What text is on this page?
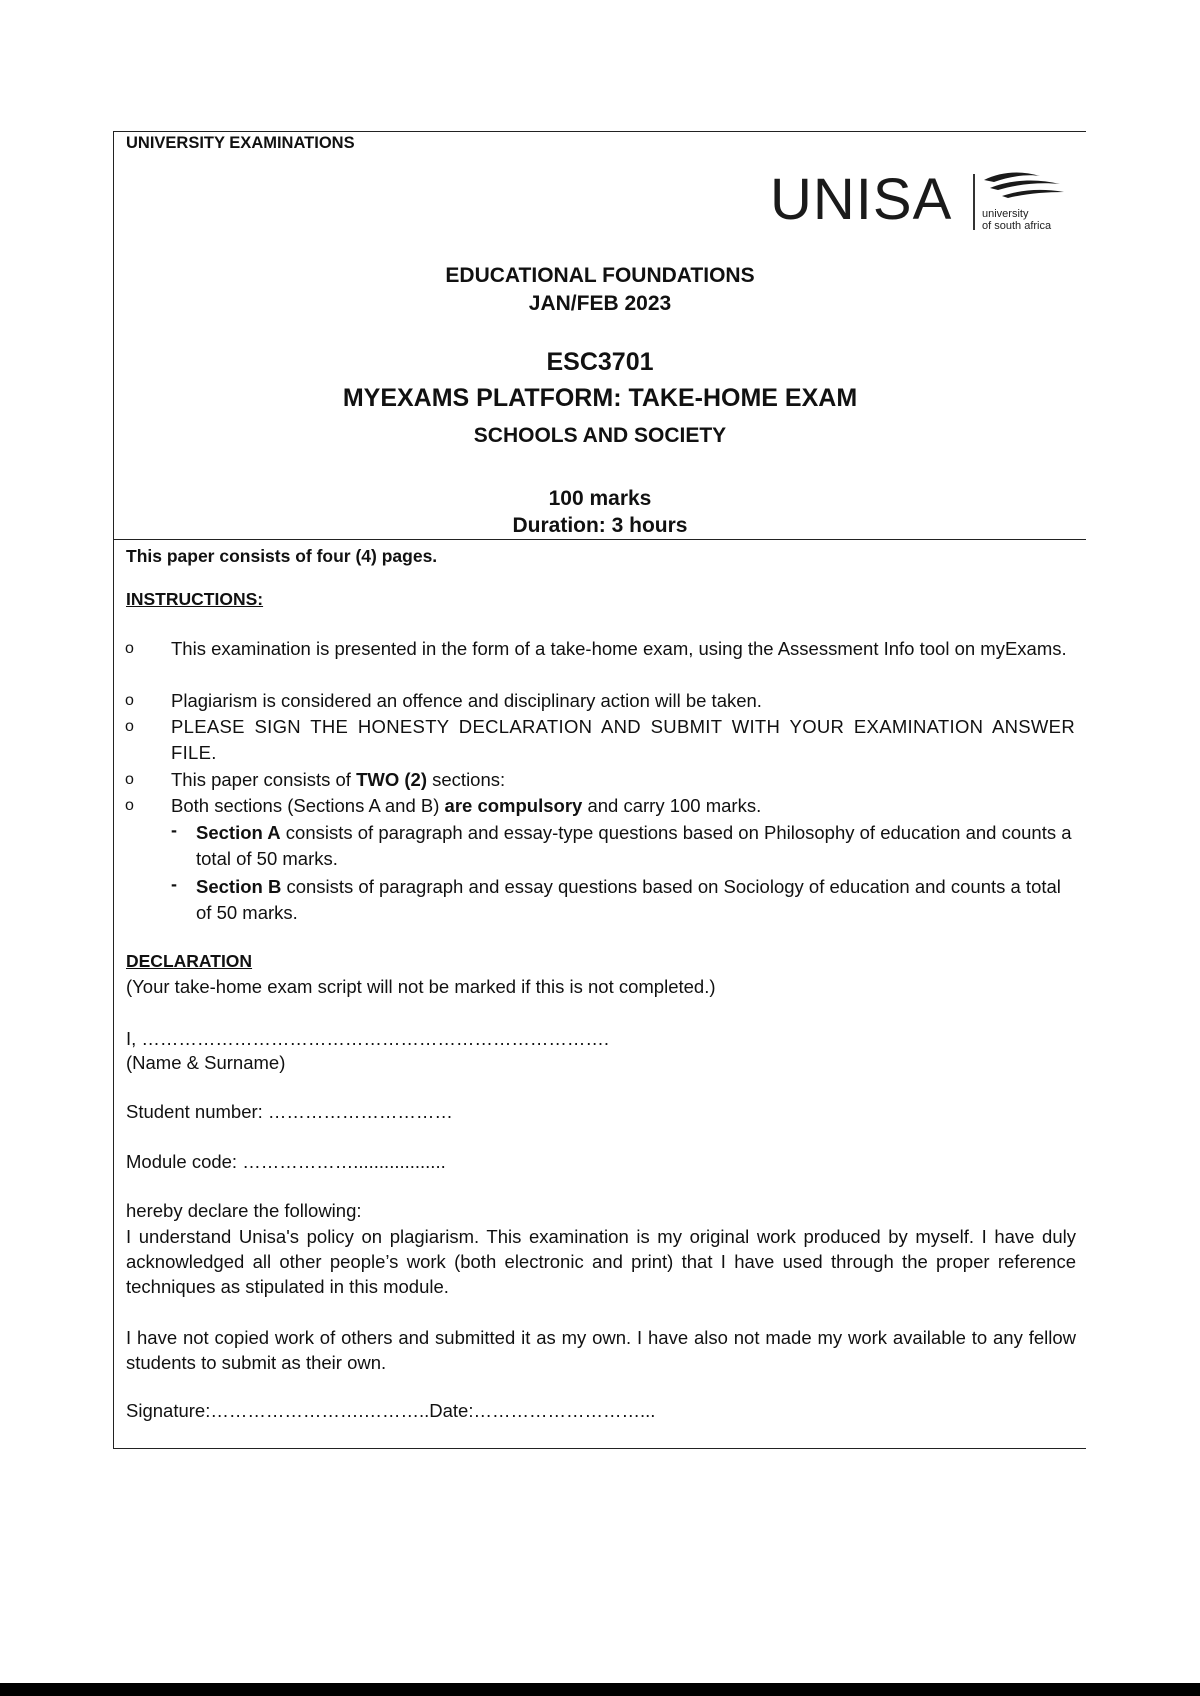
UNIVERSITY EXAMINATIONS
UNISA	university
of south africa
EDUCATIONAL FOUNDATIONS
JAN/FEB 2023
ESC3701
MYEXAMS PLATFORM: TAKE-HOME EXAM
SCHOOLS AND SOCIETY
100 marks
Duration: 3 hours
This paper consists of four (4) pages.
INSTRUCTIONS:
o This examination is presented in the form of a take-home exam, using the Assessment Info tool on myExams.
o Plagiarism is considered an offence and disciplinary action will be taken.
o PLEASE SIGN THE HONESTY DECLARATION AND SUBMIT WITH YOUR EXAMINATION ANSWER FILE.
o This paper consists of TWO (2) sections:
o Both sections (Sections A and B) are compulsory and carry 100 marks.
- Section A consists of paragraph and essay-type questions based on Philosophy of education and counts a total of 50 marks.
- Section B consists of paragraph and essay questions based on Sociology of education and counts a total of 50 marks.
DECLARATION
(Your take-home exam script will not be marked if this is not completed.)
I, ………………………………………………………………….
(Name & Surname)
Student number: …………………………
Module code: ………………..................
hereby declare the following:
I understand Unisa's policy on plagiarism. This examination is my original work produced by myself. I have duly acknowledged all other people’s work (both electronic and print) that I have used through the proper reference techniques as stipulated in this module.
I have not copied work of others and submitted it as my own. I have also not made my work available to any fellow students to submit as their own.
Signature:…………………….………..Date:………………………...
